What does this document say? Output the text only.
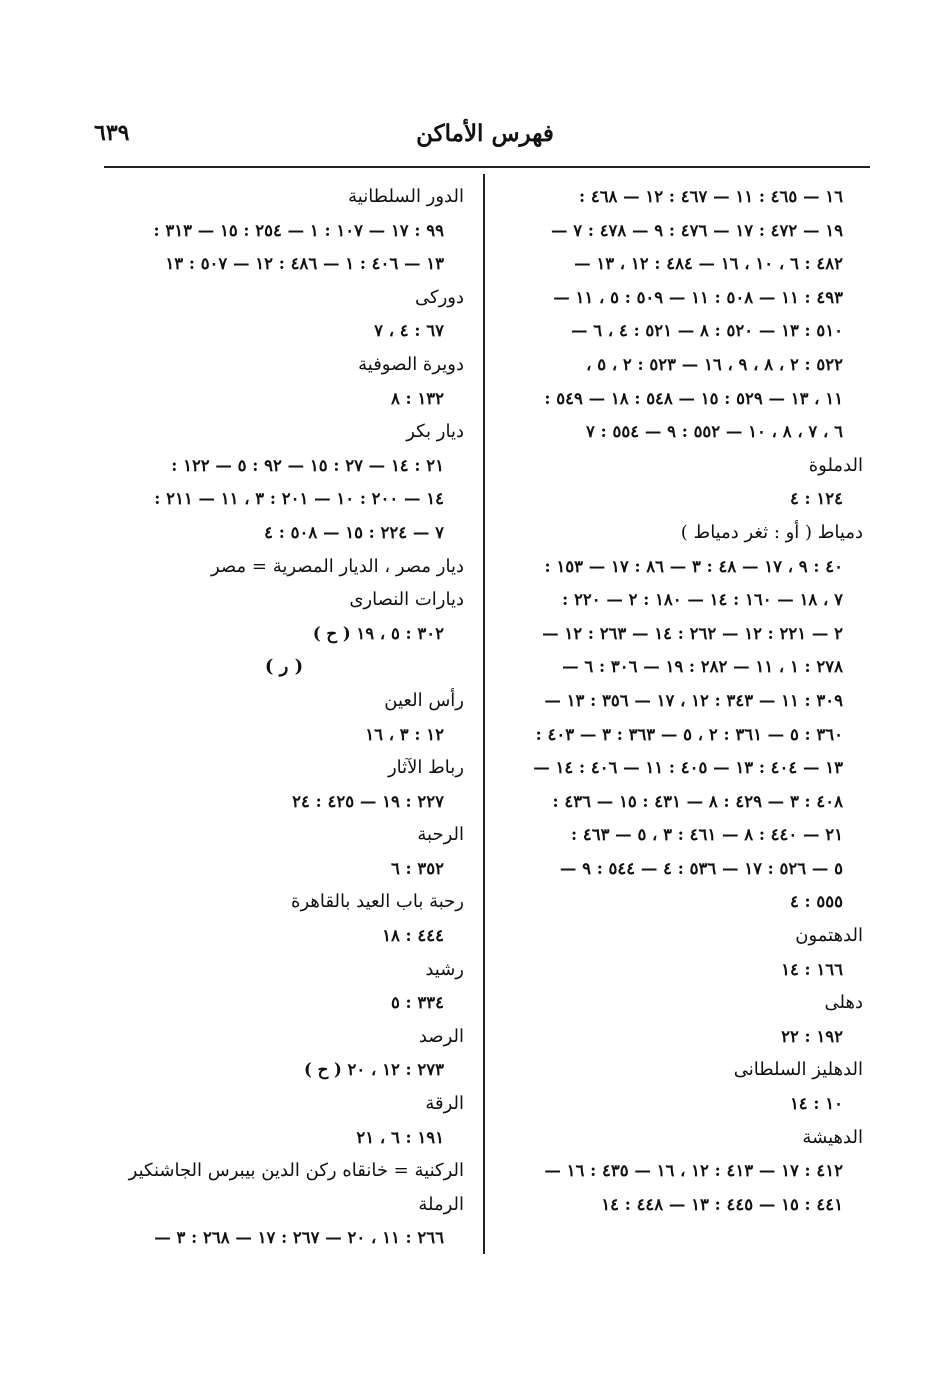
٦٣٩	فهرس الأماكن
١٦ — ٤٦٥ : ١١ — ٤٦٧ : ١٢ — ٤٦٨ :
١٩ — ٤٧٢ : ١٧ — ٤٧٦ : ٩ — ٤٧٨ : ٧ —
٤٨٢ : ٦ ، ١٠ ، ١٦ — ٤٨٤ : ١٢ ، ١٣ —
٤٩٣ : ١١ — ٥٠٨ : ١١ — ٥٠٩ : ٥ ، ١١ —
٥١٠ : ١٣ — ٥٢٠ : ٨ — ٥٢١ : ٤ ، ٦ —
٥٢٢ : ٢ ، ٨ ، ٩ ، ١٦ — ٥٢٣ : ٢ ، ٥ ،
١١ ، ١٣ — ٥٢٩ : ١٥ — ٥٤٨ : ١٨ — ٥٤٩ :
٦ ، ٧ ، ٨ ، ١٠ — ٥٥٢ : ٩ — ٥٥٤ : ٧
الدملوة
١٢٤ : ٤
دمياط ( أو : ثغر دمياط )
٤٠ : ٩ ، ١٧ — ٤٨ : ٣ — ٨٦ : ١٧ — ١٥٣ :
٧ ، ١٨ — ١٦٠ : ١٤ — ١٨٠ : ٢ — ٢٢٠ :
٢ — ٢٢١ : ١٢ — ٢٦٢ : ١٤ — ٢٦٣ : ١٢ —
٢٧٨ : ١ ، ١١ — ٢٨٢ : ١٩ — ٣٠٦ : ٦ —
٣٠٩ : ١١ — ٣٤٣ : ١٢ ، ١٧ — ٣٥٦ : ١٣ —
٣٦٠ : ٥ — ٣٦١ : ٢ ، ٥ — ٣٦٣ : ٣ — ٤٠٣ :
١٣ — ٤٠٤ : ١٣ — ٤٠٥ : ١١ — ٤٠٦ : ١٤ —
٤٠٨ : ٣ — ٤٢٩ : ٨ — ٤٣١ : ١٥ — ٤٣٦ :
٢١ — ٤٤٠ : ٨ — ٤٦١ : ٣ ، ٥ — ٤٦٣ :
٥ — ٥٢٦ : ١٧ — ٥٣٦ : ٤ — ٥٤٤ : ٩ —
٥٥٥ : ٤
الدهتمون
١٦٦ : ١٤
دهلى
١٩٢ : ٢٢
الدهليز السلطانى
١٠ : ١٤
الدهيشة
٤١٢ : ١٧ — ٤١٣ : ١٢ ، ١٦ — ٤٣٥ : ١٦ —
٤٤١ : ١٥ — ٤٤٥ : ١٣ — ٤٤٨ : ١٤
الدور السلطانية
٩٩ : ١٧ — ١٠٧ : ١ — ٢٥٤ : ١٥ — ٣١٣ :
١٣ — ٤٠٦ : ١ — ٤٨٦ : ١٢ — ٥٠٧ : ١٣
دوركى
٦٧ : ٤ ، ٧
دويرة الصوفية
١٣٢ : ٨
ديار بكر
٢١ : ١٤ — ٢٧ : ١٥ — ٩٢ : ٥ — ١٢٢ :
١٤ — ٢٠٠ : ١٠ — ٢٠١ : ٣ ، ١١ — ٢١١ :
٧ — ٢٢٤ : ١٥ — ٥٠٨ : ٤
ديار مصر ، الديار المصرية = مصر
ديارات النصارى
٣٠٢ : ٥ ، ١٩ ( ح )
( ر )
رأس العين
١٢ : ٣ ، ١٦
رباط الآثار
٢٢٧ : ١٩ — ٤٢٥ : ٢٤
الرحبة
٣٥٢ : ٦
رحبة باب العيد بالقاهرة
٤٤٤ : ١٨
رشيد
٣٣٤ : ٥
الرصد
٢٧٣ : ١٢ ، ٢٠ ( ح )
الرقة
١٩١ : ٦ ، ٢١
الركنية = خانقاه ركن الدين بيبرس الجاشنكير
الرملة
٢٦٦ : ١١ ، ٢٠ — ٢٦٧ : ١٧ — ٢٦٨ : ٣ —
